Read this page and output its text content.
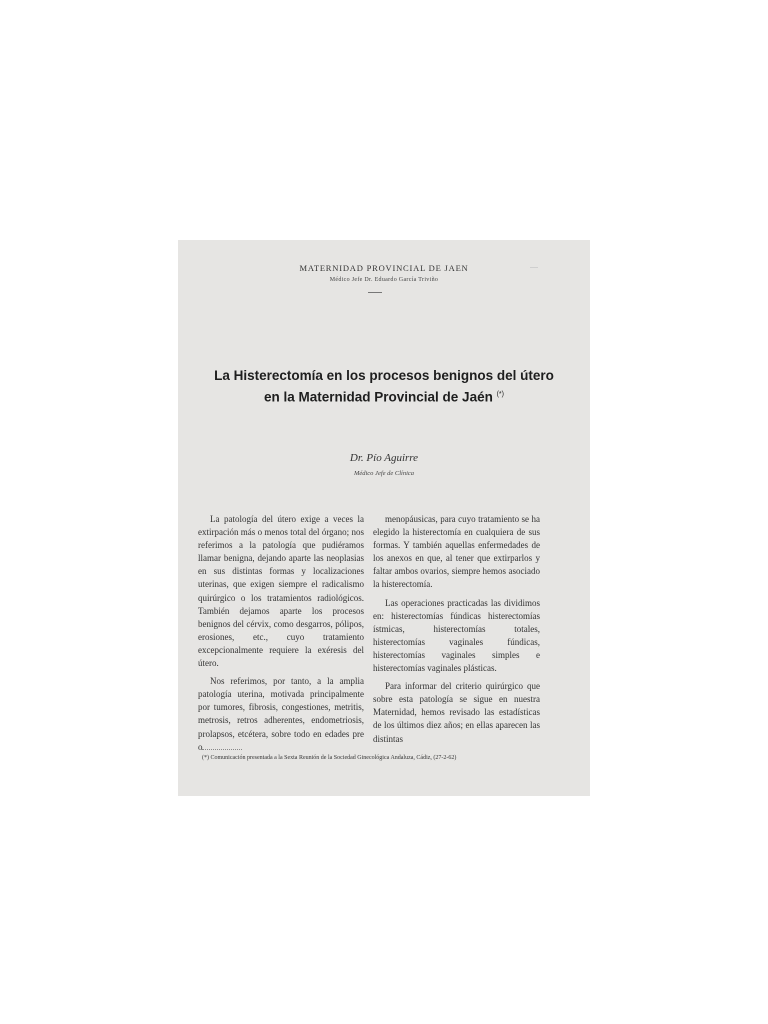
MATERNIDAD PROVINCIAL DE JAEN
Médico Jefe Dr. Eduardo García Triviño
La Histerectomía en los procesos benignos del útero
en la Maternidad Provincial de Jaén (*)
Dr. Pío Aguirre
Médico Jefe de Clínica

La patología del útero exige a veces la extirpación más o menos total del órgano; nos referimos a la patología que pudiéramos llamar benigna, dejando aparte las neoplasias en sus distintas formas y localizaciones uterinas, que exigen siempre el radicalismo quirúrgico o los tratamientos radiológicos. También dejamos aparte los procesos benignos del cérvix, como desgarros, pólipos, erosiones, etc., cuyo tratamiento excepcionalmente requiere la exéresis del útero.

Nos referimos, por tanto, a la amplia patología uterina, motivada principalmente por tumores, fibrosis, congestiones, metritis, metrosis, retros adherentes, endometriosis, prolapsos, etcétera, sobre todo en edades pre o

menopáusicas, para cuyo tratamiento se ha elegido la histerectomía en cualquiera de sus formas. Y también aquellas enfermedades de los anexos en que, al tener que extirparlos y faltar ambos ovarios, siempre hemos asociado la histerectomía.

Las operaciones practicadas las dividimos en: histerectomías fúndicas histerectomías ístmicas, histerectomías totales, histerectomías vaginales fúndicas, histerectomías vaginales simples e histerectomías vaginales plásticas.

Para informar del criterio quirúrgico que sobre esta patología se sigue en nuestra Maternidad, hemos revisado las estadísticas de los últimos diez años; en ellas aparecen las distintas

(*) Comunicación presentada a la Sexta Reunión de la Sociedad Ginecológica Andaluza, Cádiz, (27-2-62)
